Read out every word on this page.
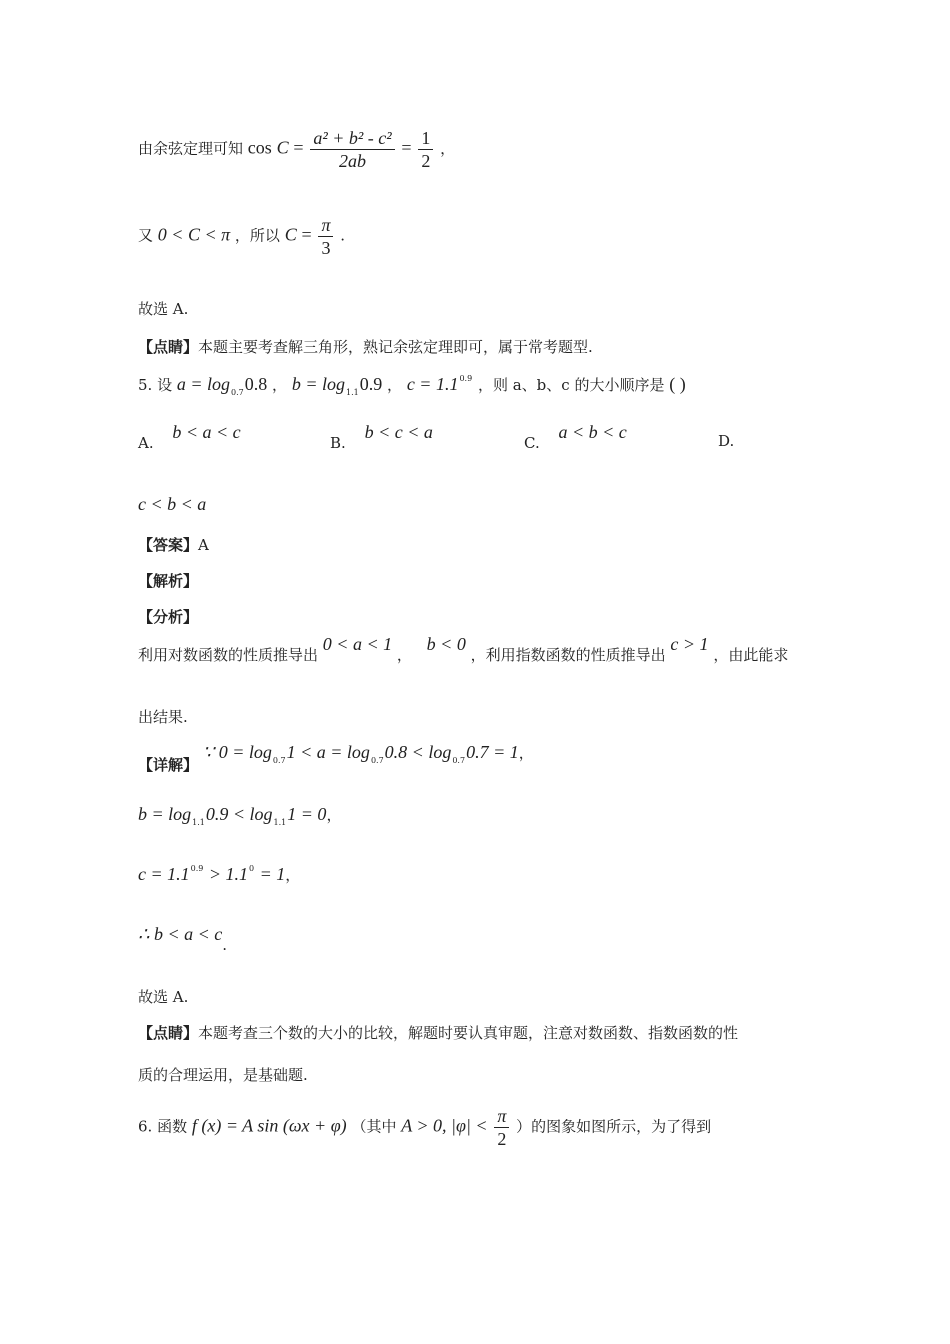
由余弦定理可知 $\cos C = \frac{\text{a² + b² - c²}}{2ab} = \frac{1}{2}$ ，
又 0 < C < π ，所以 $C = \frac{\pi}{3}$ .
故选 A.
【点睛】本题主要考查解三角形，熟记余弦定理即可，属于常考题型.
5. 设 $a = \log_{0.7}0.8$ ， $b = \log_{1.1}0.9$ ， $c = 1.1^{0.9}$ ，则 a、b、c 的大小顺序是 ( )
A. b < a < c
B. b < c < a
C. a < b < c	D.
c < b < a
【答案】A
【解析】
【分析】
利用对数函数的性质推导出 0 < a < 1 ， b < 0 ，利用指数函数的性质推导出 c > 1 ，由此能求
出结果.
【详解】 ∵ $0 = \log_{0.7}1 < a = \log_{0.7}0.8 < \log_{0.7}0.7 = 1$，
$b = \log_{1.1}0.9 < \log_{1.1}1 = 0$，
$c = 1.1^{0.9} > 1.1^0 = 1$，
∴ b < a < c.
故选 A.
【点睛】本题考查三个数的大小的比较，解题时要认真审题，注意对数函数、指数函数的性
质的合理运用，是基础题.
6. 函数 f (x) = A sin (ωx + φ) （其中 A > 0, $|\varphi| < \frac{\pi}{2}$ ）的图象如图所示，为了得到
